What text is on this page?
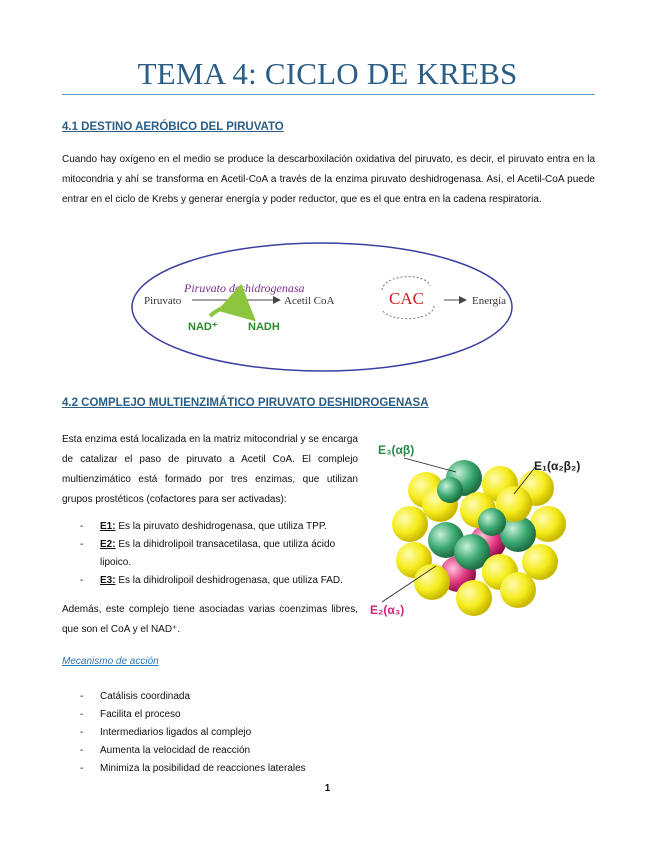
TEMA 4: CICLO DE KREBS
4.1 DESTINO AERÓBICO DEL PIRUVATO

Cuando hay oxígeno en el medio se produce la descarboxilación oxidativa del piruvato, es decir, el piruvato entra en la mitocondria y ahí se transforma en Acetil-CoA a través de la enzima piruvato deshidrogenasa. Así, el Acetil-CoA puede entrar en el ciclo de Krebs y generar energía y poder reductor, que es el que entra en la cadena respiratoria.

Piruvato deshidrogenasa
Piruvato	Acetil CoA
NAD⁺	NADH
CAC	Energía
4.2 COMPLEJO MULTIENZIMÁTICO PIRUVATO DESHIDROGENASA

Esta enzima está localizada en la matriz mitocondrial y se encarga de catalizar el paso de piruvato a Acetil CoA. El complejo multienzimático está formado por tres enzimas, que utilizan grupos prostéticos (cofactores para ser activadas):

- E1: Es la piruvato deshidrogenasa, que utiliza TPP.
- E2: Es la dihidrolipoil transacetilasa, que utiliza ácido lipoico.
- E3: Es la dihidrolipoil deshidrogenasa, que utiliza FAD.

Además, este complejo tiene asociadas varias coenzimas libres, que son el CoA y el NAD⁺.

E₃(αβ)
E₁(α₂β₂)
E₂(α₃)
Mecanismo de acción
- Catálisis coordinada
- Facilita el proceso
- Intermediarios ligados al complejo
- Aumenta la velocidad de reacción
- Minimiza la posibilidad de reacciones laterales
1
